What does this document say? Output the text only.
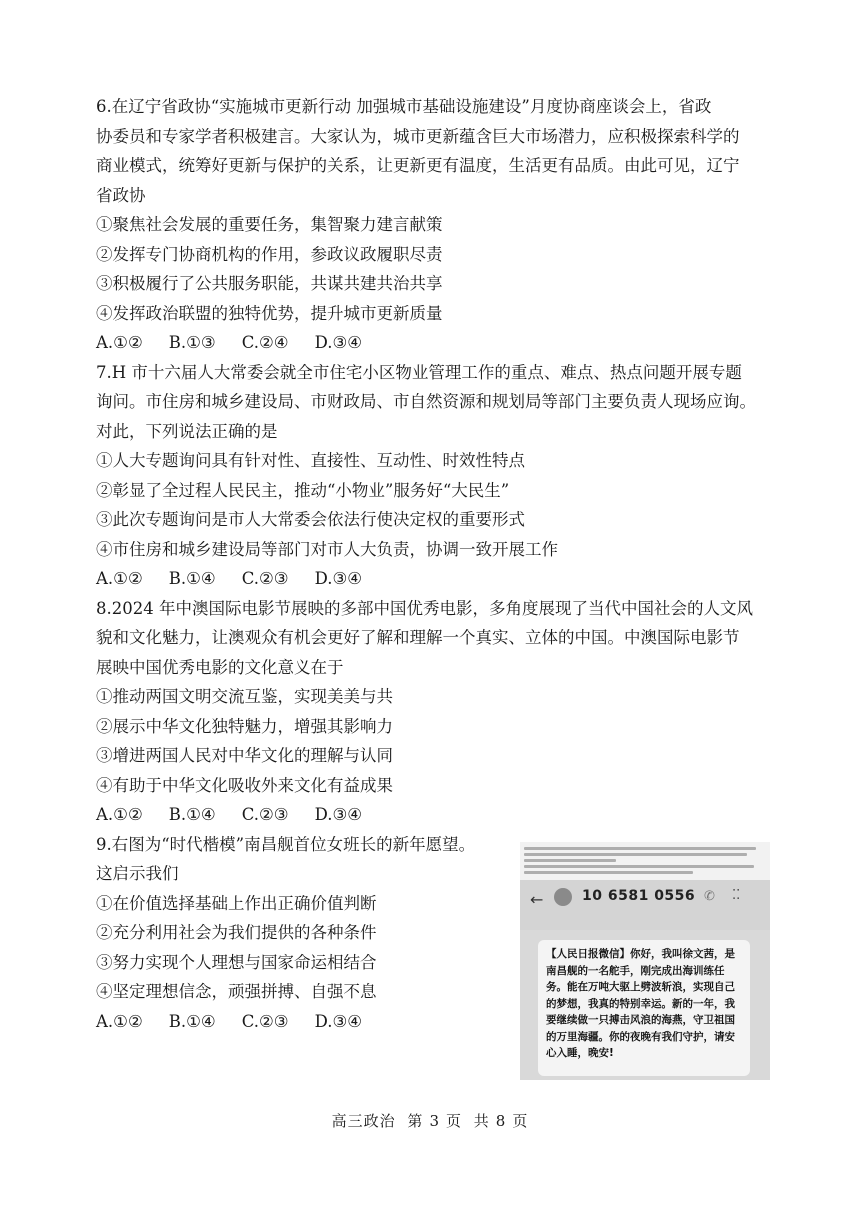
6.在辽宁省政协“实施城市更新行动 加强城市基础设施建设”月度协商座谈会上，省政
协委员和专家学者积极建言。大家认为，城市更新蕴含巨大市场潜力，应积极探索科学的
商业模式，统筹好更新与保护的关系，让更新更有温度，生活更有品质。由此可见，辽宁
省政协
①聚焦社会发展的重要任务，集智聚力建言献策
②发挥专门协商机构的作用，参政议政履职尽责
③积极履行了公共服务职能，共谋共建共治共享
④发挥政治联盟的独特优势，提升城市更新质量
A.①② B.①③ C.②④ D.③④
7.H 市十六届人大常委会就全市住宅小区物业管理工作的重点、难点、热点问题开展专题
询问。市住房和城乡建设局、市财政局、市自然资源和规划局等部门主要负责人现场应询。
对此，下列说法正确的是
①人大专题询问具有针对性、直接性、互动性、时效性特点
②彰显了全过程人民民主，推动“小物业”服务好“大民生”
③此次专题询问是市人大常委会依法行使决定权的重要形式
④市住房和城乡建设局等部门对市人大负责，协调一致开展工作
A.①② B.①④ C.②③ D.③④
8.2024 年中澳国际电影节展映的多部中国优秀电影，多角度展现了当代中国社会的人文风
貌和文化魅力，让澳观众有机会更好了解和理解一个真实、立体的中国。中澳国际电影节
展映中国优秀电影的文化意义在于
①推动两国文明交流互鉴，实现美美与共
②展示中华文化独特魅力，增强其影响力
③增进两国人民对中华文化的理解与认同
④有助于中华文化吸收外来文化有益成果
A.①② B.①④ C.②③ D.③④
9.右图为“时代楷模”南昌舰首位女班长的新年愿望。
这启示我们
①在价值选择基础上作出正确价值判断
②充分利用社会为我们提供的各种条件
③努力实现个人理想与国家命运相结合
④坚定理想信念，顽强拼搏、自强不息
A.①② B.①④ C.②③ D.③④
←	10 6581 0556 ✆ ⁚⁚
【人民日报微信】你好，我叫徐文茜，是南昌舰的一名舵手，刚完成出海训练任务。能在万吨大驱上劈波斩浪，实现自己的梦想，我真的特别幸运。新的一年，我要继续做一只搏击风浪的海燕，守卫祖国的万里海疆。你的夜晚有我们守护，请安心入睡，晚安!
高三政治 第 3 页 共 8 页
